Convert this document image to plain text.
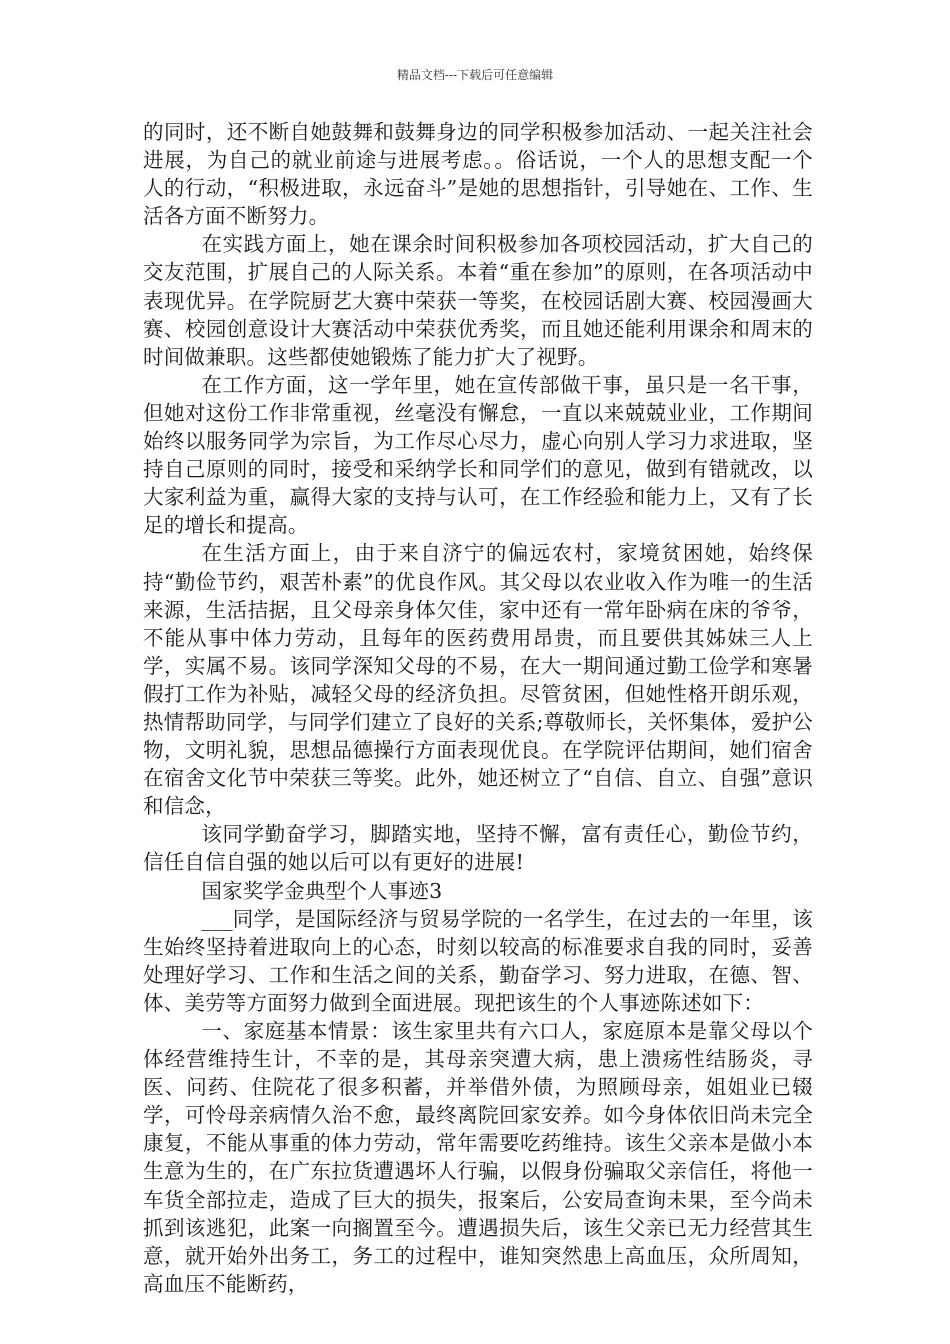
精品文档---下载后可任意编辑

的同时，还不断自她鼓舞和鼓舞身边的同学积极参加活动、一起关注社会进展，为自己的就业前途与进展考虑。。俗话说，一个人的思想支配一个人的行动，“积极进取，永远奋斗”是她的思想指针，引导她在、工作、生活各方面不断努力。

在实践方面上，她在课余时间积极参加各项校园活动，扩大自己的交友范围，扩展自己的人际关系。本着“重在参加”的原则，在各项活动中表现优异。在学院厨艺大赛中荣获一等奖，在校园话剧大赛、校园漫画大赛、校园创意设计大赛活动中荣获优秀奖，而且她还能利用课余和周末的时间做兼职。这些都使她锻炼了能力扩大了视野。

在工作方面，这一学年里，她在宣传部做干事，虽只是一名干事，但她对这份工作非常重视，丝毫没有懈怠，一直以来兢兢业业，工作期间始终以服务同学为宗旨，为工作尽心尽力，虚心向别人学习力求进取，坚持自己原则的同时，接受和采纳学长和同学们的意见，做到有错就改，以大家利益为重，赢得大家的支持与认可，在工作经验和能力上，又有了长足的增长和提高。

在生活方面上，由于来自济宁的偏远农村，家境贫困她，始终保持“勤俭节约，艰苦朴素”的优良作风。其父母以农业收入作为唯一的生活来源，生活拮据，且父母亲身体欠佳，家中还有一常年卧病在床的爷爷，不能从事中体力劳动，且每年的医药费用昂贵，而且要供其姊妹三人上学，实属不易。该同学深知父母的不易，在大一期间通过勤工俭学和寒暑假打工作为补贴，减轻父母的经济负担。尽管贫困，但她性格开朗乐观，热情帮助同学，与同学们建立了良好的关系;尊敬师长，关怀集体，爱护公物，文明礼貌，思想品德操行方面表现优良。在学院评估期间，她们宿舍在宿舍文化节中荣获三等奖。此外，她还树立了“自信、自立、自强”意识和信念，

该同学勤奋学习，脚踏实地，坚持不懈，富有责任心，勤俭节约，信任自信自强的她以后可以有更好的进展!

国家奖学金典型个人事迹3

___同学，是国际经济与贸易学院的一名学生，在过去的一年里，该生始终坚持着进取向上的心态，时刻以较高的标准要求自我的同时，妥善处理好学习、工作和生活之间的关系，勤奋学习、努力进取，在德、智、体、美劳等方面努力做到全面进展。现把该生的个人事迹陈述如下：

一、家庭基本情景：该生家里共有六口人，家庭原本是靠父母以个体经营维持生计，不幸的是，其母亲突遭大病，患上溃疡性结肠炎，寻医、问药、住院花了很多积蓄，并举借外债，为照顾母亲，姐姐业已辍学，可怜母亲病情久治不愈，最终离院回家安养。如今身体依旧尚未完全康复，不能从事重的体力劳动，常年需要吃药维持。该生父亲本是做小本生意为生的，在广东拉货遭遇坏人行骗，以假身份骗取父亲信任，将他一车货全部拉走，造成了巨大的损失，报案后，公安局查询未果，至今尚未抓到该逃犯，此案一向搁置至今。遭遇损失后，该生父亲已无力经营其生意，就开始外出务工，务工的过程中，谁知突然患上高血压，众所周知，高血压不能断药，
